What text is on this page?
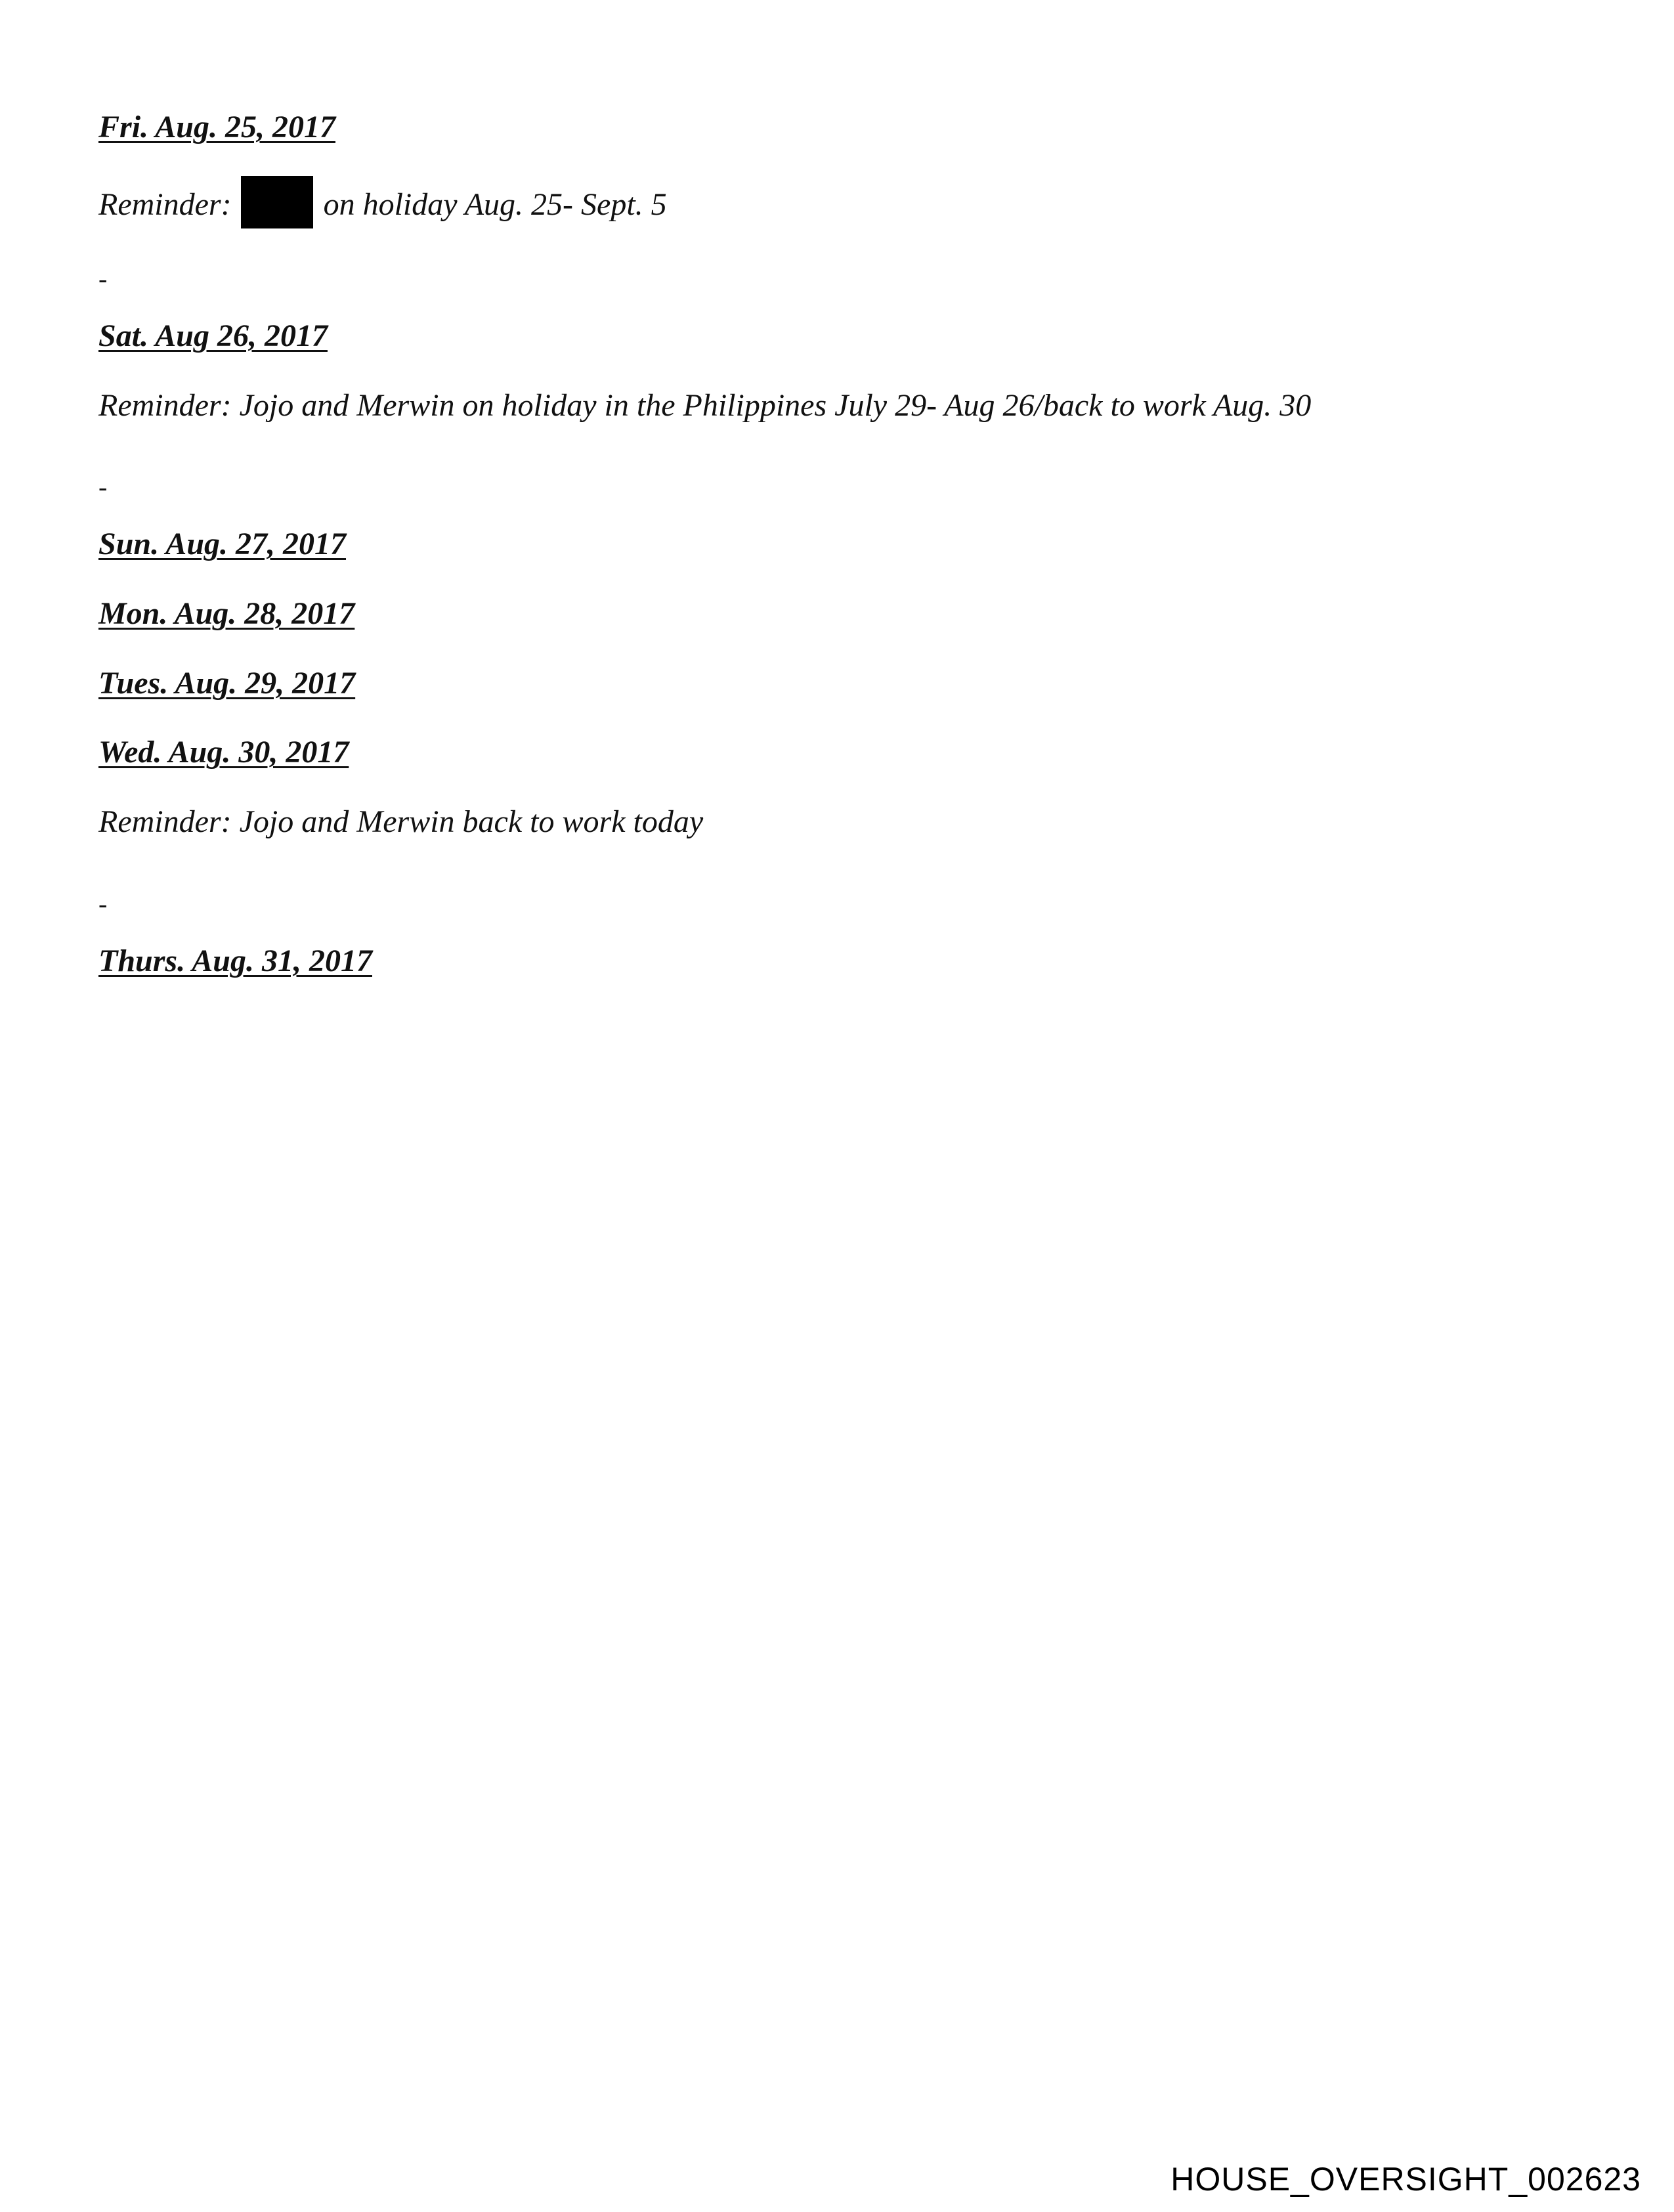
Fri. Aug. 25, 2017
Reminder:	on holiday Aug. 25- Sept. 5
-
Sat. Aug 26, 2017
Reminder: Jojo and Merwin on holiday in the Philippines July 29- Aug 26/back to work Aug. 30
-
Sun. Aug. 27, 2017
Mon. Aug. 28, 2017
Tues. Aug. 29, 2017
Wed. Aug. 30, 2017
Reminder: Jojo and Merwin back to work today
-
Thurs. Aug. 31, 2017
HOUSE_OVERSIGHT_002623
